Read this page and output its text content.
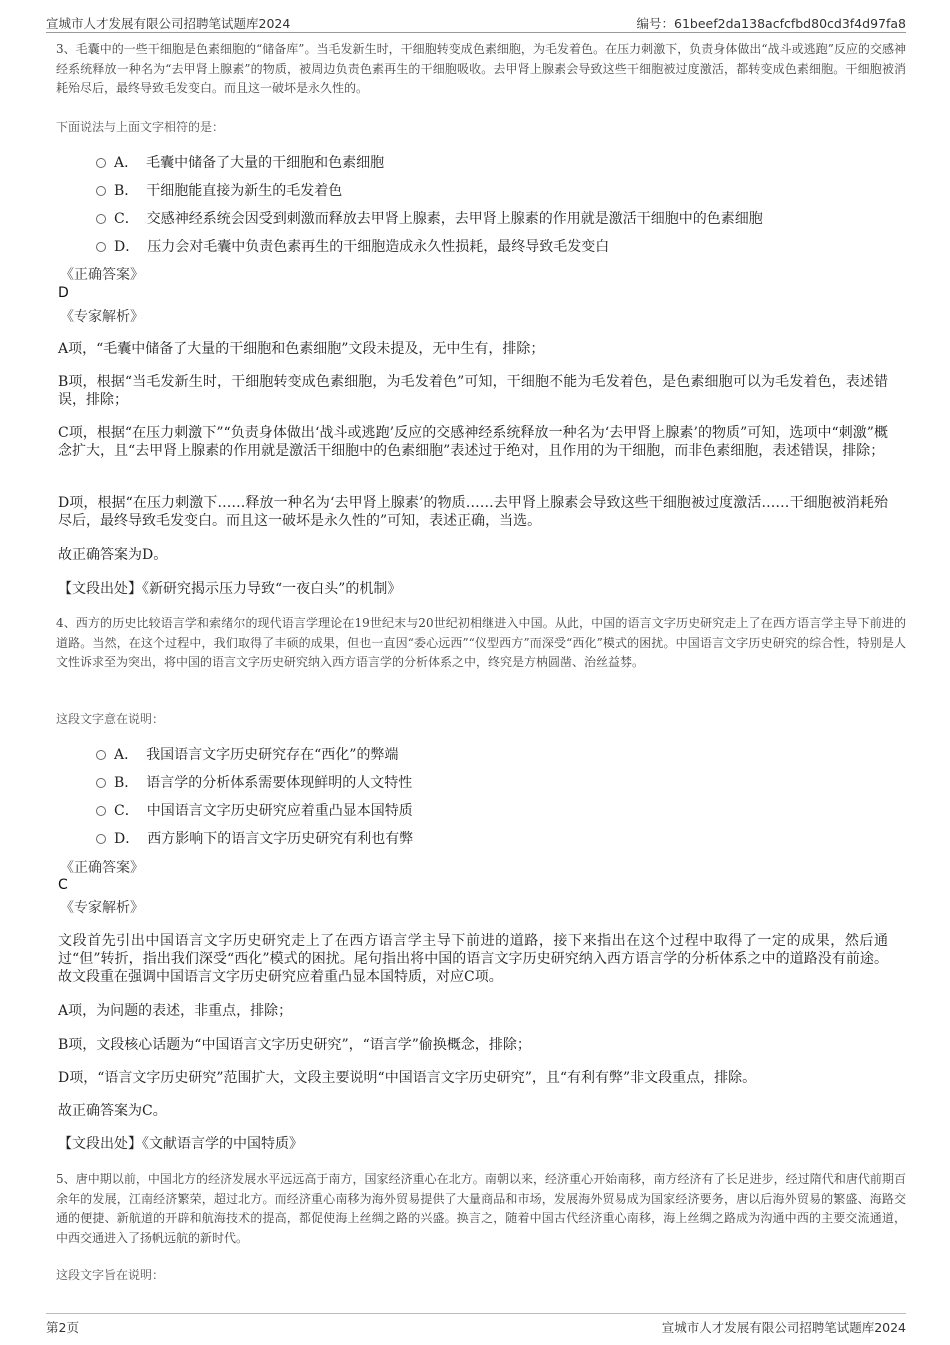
宣城市人才发展有限公司招聘笔试题库2024	编号：61beef2da138acfcfbd80cd3f4d97fa8

3、毛囊中的一些干细胞是色素细胞的“储备库”。当毛发新生时，干细胞转变成色素细胞，为毛发着色。在压力刺激下，负责身体做出“战斗或逃跑”反应的交感神经系统释放一种名为“去甲肾上腺素”的物质，被周边负责色素再生的干细胞吸收。去甲肾上腺素会导致这些干细胞被过度激活，都转变成色素细胞。干细胞被消耗殆尽后，最终导致毛发变白。而且这一破坏是永久性的。

下面说法与上面文字相符的是：

A． 毛囊中储备了大量的干细胞和色素细胞
B． 干细胞能直接为新生的毛发着色
C． 交感神经系统会因受到刺激而释放去甲肾上腺素，去甲肾上腺素的作用就是激活干细胞中的色素细胞
D． 压力会对毛囊中负责色素再生的干细胞造成永久性损耗，最终导致毛发变白
《正确答案》
D
《专家解析》

A项，“毛囊中储备了大量的干细胞和色素细胞”文段未提及，无中生有，排除；

B项，根据“当毛发新生时，干细胞转变成色素细胞，为毛发着色”可知，干细胞不能为毛发着色，是色素细胞可以为毛发着色，表述错误，排除；

C项，根据“在压力刺激下”“负责身体做出‘战斗或逃跑’反应的交感神经系统释放一种名为‘去甲肾上腺素’的物质”可知，选项中“刺激”概念扩大，且“去甲肾上腺素的作用就是激活干细胞中的色素细胞”表述过于绝对，且作用的为干细胞，而非色素细胞，表述错误，排除；

D项，根据“在压力刺激下……释放一种名为‘去甲肾上腺素’的物质……去甲肾上腺素会导致这些干细胞被过度激活……干细胞被消耗殆尽后，最终导致毛发变白。而且这一破坏是永久性的”可知，表述正确，当选。

故正确答案为D。

【文段出处】《新研究揭示压力导致“一夜白头”的机制》

4、西方的历史比较语言学和索绪尔的现代语言学理论在19世纪末与20世纪初相继进入中国。从此，中国的语言文字历史研究走上了在西方语言学主导下前进的道路。当然，在这个过程中，我们取得了丰硕的成果，但也一直因“委心远西”“仪型西方”而深受“西化”模式的困扰。中国语言文字历史研究的综合性，特别是人文性诉求至为突出，将中国的语言文字历史研究纳入西方语言学的分析体系之中，终究是方枘圆凿、治丝益棼。

这段文字意在说明：

A． 我国语言文字历史研究存在“西化”的弊端
B． 语言学的分析体系需要体现鲜明的人文特性
C． 中国语言文字历史研究应着重凸显本国特质
D． 西方影响下的语言文字历史研究有利也有弊
《正确答案》
C
《专家解析》

文段首先引出中国语言文字历史研究走上了在西方语言学主导下前进的道路，接下来指出在这个过程中取得了一定的成果，然后通过“但”转折，指出我们深受“西化”模式的困扰。尾句指出将中国的语言文字历史研究纳入西方语言学的分析体系之中的道路没有前途。故文段重在强调中国语言文字历史研究应着重凸显本国特质，对应C项。

A项，为问题的表述，非重点，排除；

B项，文段核心话题为“中国语言文字历史研究”，“语言学”偷换概念，排除；

D项，“语言文字历史研究”范围扩大，文段主要说明“中国语言文字历史研究”，且“有利有弊”非文段重点，排除。

故正确答案为C。

【文段出处】《文献语言学的中国特质》

5、唐中期以前，中国北方的经济发展水平远远高于南方，国家经济重心在北方。南朝以来，经济重心开始南移，南方经济有了长足进步，经过隋代和唐代前期百余年的发展，江南经济繁荣，超过北方。而经济重心南移为海外贸易提供了大量商品和市场，发展海外贸易成为国家经济要务，唐以后海外贸易的繁盛、海路交通的便捷、新航道的开辟和航海技术的提高，都促使海上丝绸之路的兴盛。换言之，随着中国古代经济重心南移，海上丝绸之路成为沟通中西的主要交流通道，中西交通进入了扬帆远航的新时代。

这段文字旨在说明：

第2页	宣城市人才发展有限公司招聘笔试题库2024
